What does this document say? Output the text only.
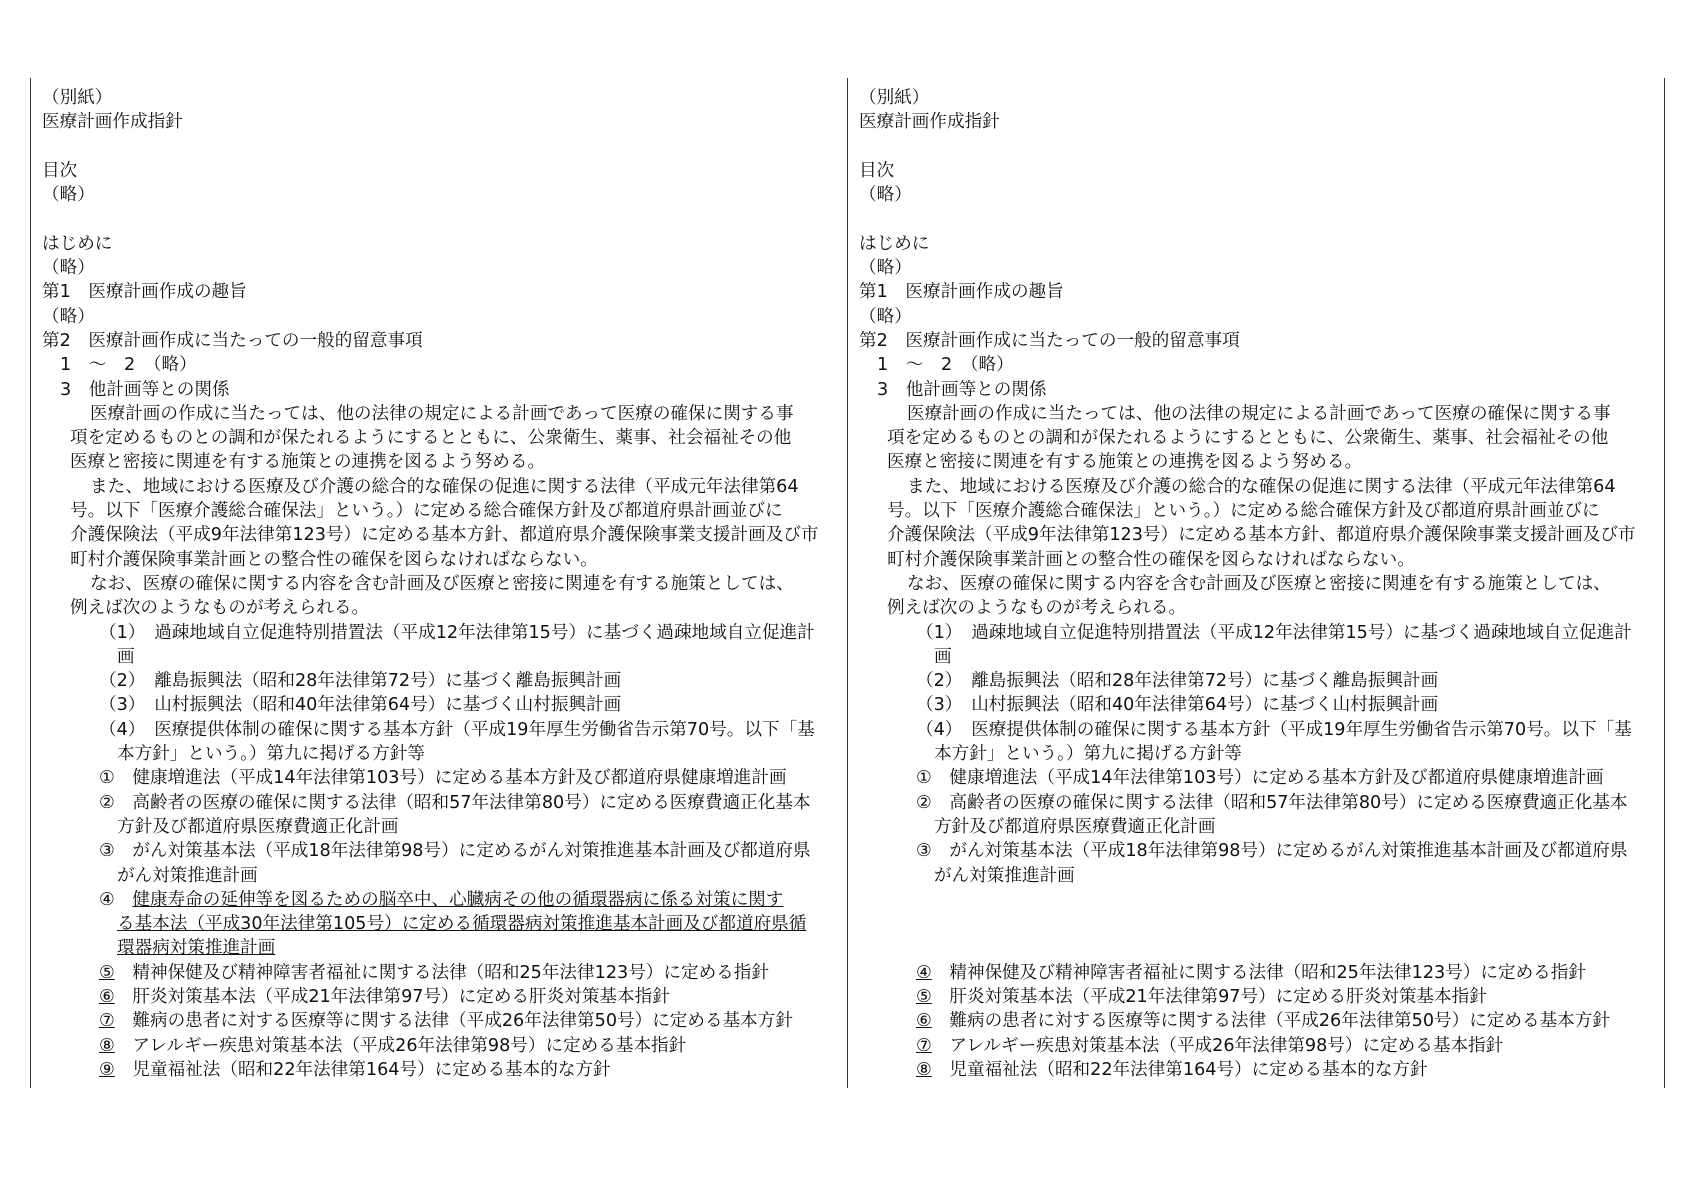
（別紙）
医療計画作成指針
目次
（略）
はじめに
（略）
第1　医療計画作成の趣旨
（略）
第2　医療計画作成に当たっての一般的留意事項
1　～　2　（略）
3　他計画等との関係
医療計画の作成に当たっては、他の法律の規定による計画であって医療の確保に関する事
項を定めるものとの調和が保たれるようにするとともに、公衆衛生、薬事、社会福祉その他
医療と密接に関連を有する施策との連携を図るよう努める。
また、地域における医療及び介護の総合的な確保の促進に関する法律（平成元年法律第64
号。以下「医療介護総合確保法」という。）に定める総合確保方針及び都道府県計画並びに
介護保険法（平成9年法律第123号）に定める基本方針、都道府県介護保険事業支援計画及び市
町村介護保険事業計画との整合性の確保を図らなければならない。
なお、医療の確保に関する内容を含む計画及び医療と密接に関連を有する施策としては、
例えば次のようなものが考えられる。
（1）　 過疎地域自立促進特別措置法（平成12年法律第15号）に基づく過疎地域自立促進計
画
（2）　 離島振興法（昭和28年法律第72号）に基づく離島振興計画
（3）　 山村振興法（昭和40年法律第64号）に基づく山村振興計画
（4）　 医療提供体制の確保に関する基本方針（平成19年厚生労働省告示第70号。以下「基
本方針」という。）第九に掲げる方針等
①　 健康増進法（平成14年法律第103号）に定める基本方針及び都道府県健康増進計画
②　 高齢者の医療の確保に関する法律（昭和57年法律第80号）に定める医療費適正化基本
方針及び都道府県医療費適正化計画
③　 がん対策基本法（平成18年法律第98号）に定めるがん対策推進基本計画及び都道府県
がん対策推進計画
④　 健康寿命の延伸等を図るための脳卒中、心臓病その他の循環器病に係る対策に関す
る基本法（平成30年法律第105号）に定める循環器病対策推進基本計画及び都道府県循
環器病対策推進計画
⑤　 精神保健及び精神障害者福祉に関する法律（昭和25年法律123号）に定める指針
⑥　 肝炎対策基本法（平成21年法律第97号）に定める肝炎対策基本指針
⑦　 難病の患者に対する医療等に関する法律（平成26年法律第50号）に定める基本方針
⑧　 アレルギー疾患対策基本法（平成26年法律第98号）に定める基本指針
⑨　 児童福祉法（昭和22年法律第164号）に定める基本的な方針
（別紙）
医療計画作成指針
目次
（略）
はじめに
（略）
第1　医療計画作成の趣旨
（略）
第2　医療計画作成に当たっての一般的留意事項
1　～　2　（略）
3　他計画等との関係
医療計画の作成に当たっては、他の法律の規定による計画であって医療の確保に関する事
項を定めるものとの調和が保たれるようにするとともに、公衆衛生、薬事、社会福祉その他
医療と密接に関連を有する施策との連携を図るよう努める。
また、地域における医療及び介護の総合的な確保の促進に関する法律（平成元年法律第64
号。以下「医療介護総合確保法」という。）に定める総合確保方針及び都道府県計画並びに
介護保険法（平成9年法律第123号）に定める基本方針、都道府県介護保険事業支援計画及び市
町村介護保険事業計画との整合性の確保を図らなければならない。
なお、医療の確保に関する内容を含む計画及び医療と密接に関連を有する施策としては、
例えば次のようなものが考えられる。
（1）　 過疎地域自立促進特別措置法（平成12年法律第15号）に基づく過疎地域自立促進計
画
（2）　 離島振興法（昭和28年法律第72号）に基づく離島振興計画
（3）　 山村振興法（昭和40年法律第64号）に基づく山村振興計画
（4）　 医療提供体制の確保に関する基本方針（平成19年厚生労働省告示第70号。以下「基
本方針」という。）第九に掲げる方針等
①　 健康増進法（平成14年法律第103号）に定める基本方針及び都道府県健康増進計画
②　 高齢者の医療の確保に関する法律（昭和57年法律第80号）に定める医療費適正化基本
方針及び都道府県医療費適正化計画
③　 がん対策基本法（平成18年法律第98号）に定めるがん対策推進基本計画及び都道府県
がん対策推進計画
④　 精神保健及び精神障害者福祉に関する法律（昭和25年法律123号）に定める指針
⑤　 肝炎対策基本法（平成21年法律第97号）に定める肝炎対策基本指針
⑥　 難病の患者に対する医療等に関する法律（平成26年法律第50号）に定める基本方針
⑦　 アレルギー疾患対策基本法（平成26年法律第98号）に定める基本指針
⑧　 児童福祉法（昭和22年法律第164号）に定める基本的な方針
